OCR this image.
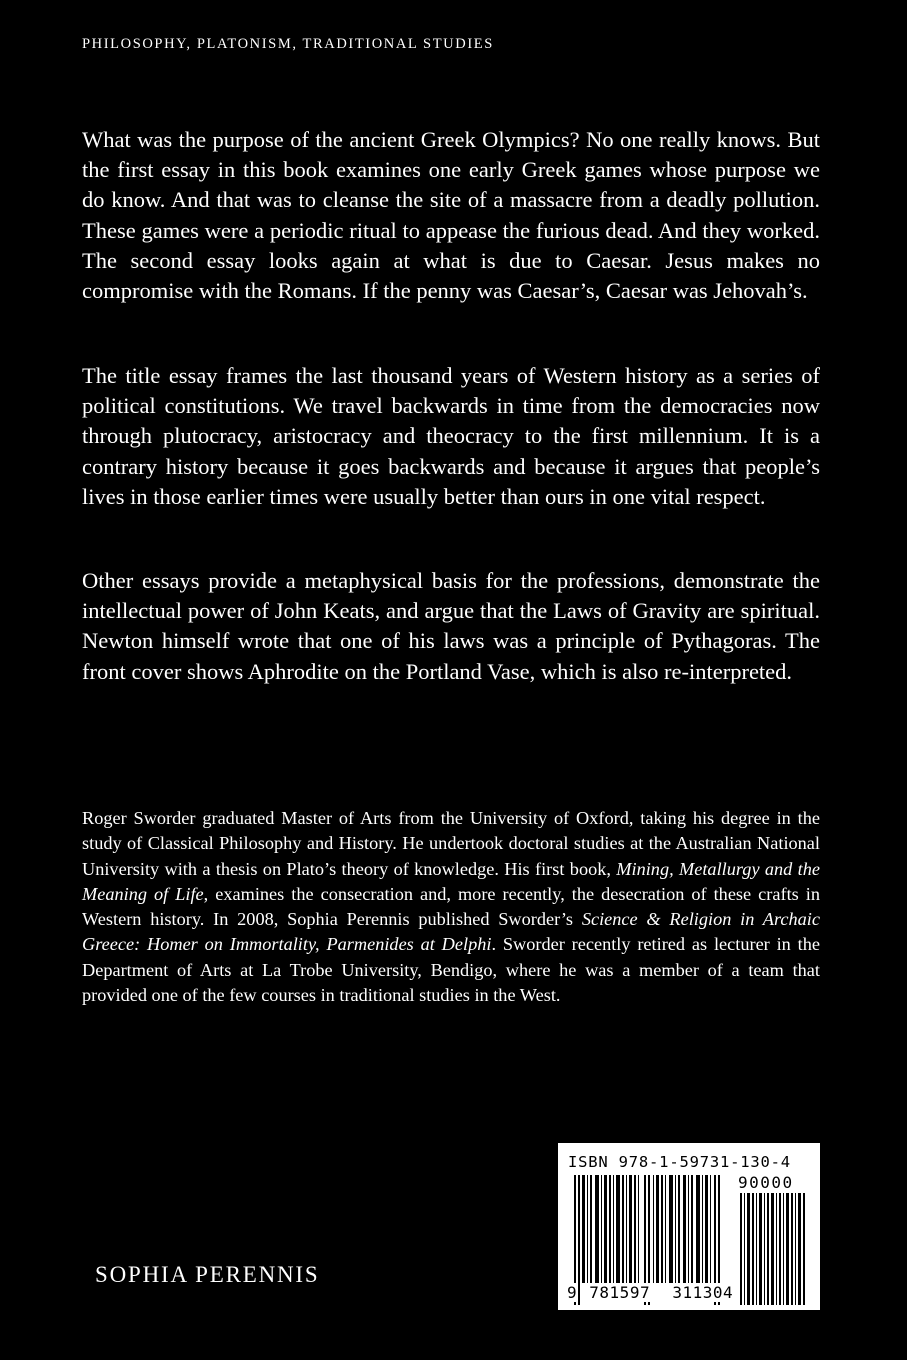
PHILOSOPHY, PLATONISM, TRADITIONAL STUDIES

What was the purpose of the ancient Greek Olympics? No one really knows. But the first essay in this book examines one early Greek games whose purpose we do know. And that was to cleanse the site of a massacre from a deadly pollution. These games were a periodic ritual to appease the furious dead. And they worked. The second essay looks again at what is due to Caesar. Jesus makes no compromise with the Romans. If the penny was Caesar’s, Caesar was Jehovah’s.

The title essay frames the last thousand years of Western history as a series of political constitutions. We travel backwards in time from the democracies now through plutocracy, aristocracy and theocracy to the first millennium. It is a contrary history because it goes backwards and because it argues that people’s lives in those earlier times were usually better than ours in one vital respect.

Other essays provide a metaphysical basis for the professions, demonstrate the intellectual power of John Keats, and argue that the Laws of Gravity are spiritual. Newton himself wrote that one of his laws was a principle of Pythagoras. The front cover shows Aphrodite on the Portland Vase, which is also re-interpreted.

Roger Sworder graduated Master of Arts from the University of Oxford, taking his degree in the study of Classical Philosophy and History. He undertook doctoral studies at the Australian National University with a thesis on Plato’s theory of knowledge. His first book, Mining, Metallurgy and the Meaning of Life, examines the consecration and, more recently, the desecration of these crafts in Western history. In 2008, Sophia Perennis published Sworder’s Science & Religion in Archaic Greece: Homer on Immortality, Parmenides at Delphi. Sworder recently retired as lecturer in the Department of Arts at La Trobe University, Bendigo, where he was a member of a team that provided one of the few courses in traditional studies in the West.

SOPHIA PERENNIS
ISBN 978-1-59731-130-4
90000
9 781597 311304
